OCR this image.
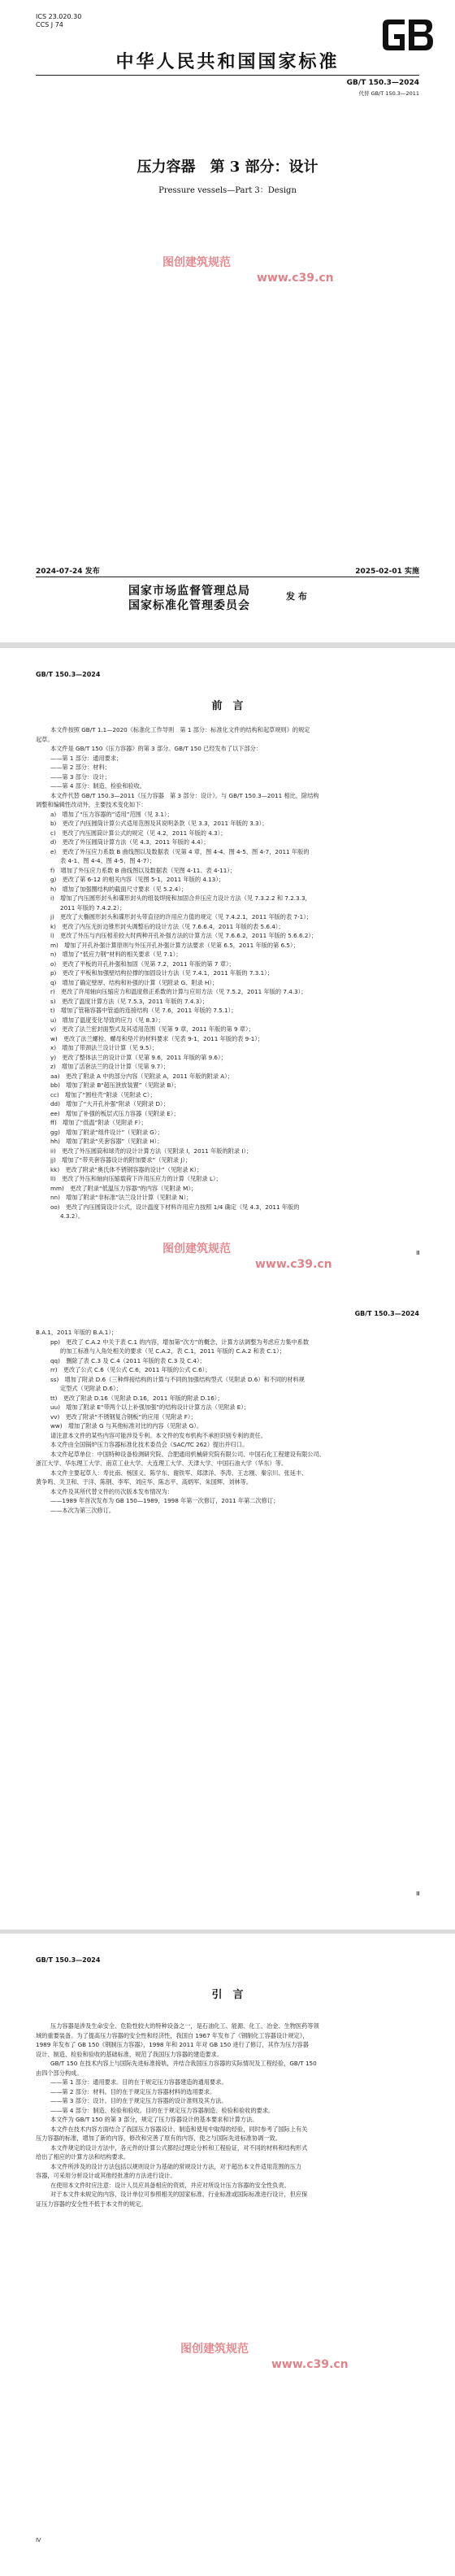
ICS 23.020.30
CCS J 74
中华人民共和国国家标准
GB/T 150.3—2024
代替 GB/T 150.3—2011
压力容器　第 3 部分：设计
Pressure vessels—Part 3：Design
图创建筑规范
www.c39.cn
2024-07-24 发布	2025-02-01 实施
国家市场监督管理总局
国家标准化管理委员会
发 布
GB/T 150.3—2024
前　言
本文件按照 GB/T 1.1—2020《标准化工作导则　第 1 部分：标准化文件的结构和起草规则》的规定
起草。
本文件是 GB/T 150《压力容器》的第 3 部分。GB/T 150 已经发布了以下部分：
——第 1 部分：通用要求；
——第 2 部分：材料；
——第 3 部分：设计；
——第 4 部分：制造、检验和验收。
本文件代替 GB/T 150.3—2011《压力容器　第 3 部分：设计》。与 GB/T 150.3—2011 相比，除结构
调整和编辑性改动外，主要技术变化如下：
a)　增加了“压力容器的”适用”范围（见 3.1）；
b)　更改了内压圆筒计算公式适用范围及其说明条款（见 3.3，2011 年版的 3.3）；
c)　更改了内压圆筒计算公式的规定（见 4.2，2011 年版的 4.3）；
d)　更改了外压圆筒计算方法（见 4.3，2011 年版的 4.4）；
e)　更改了外压应力系数 B 曲线图以及数据表（见第 4 章，图 4-4、图 4-5、图 4-7，2011 年版的
表 4-1、图 4-4、图 4-5、图 4-7）；
f)　增加了外压应力系数 B 曲线图以及数据表（见图 4-11、表 4-11）；
g)　更改了第 6-12 的相关内容（见图 5-1，2011 年版的 4.13）；
h)　增加了加强圈结构的截面尺寸要求（见 5.2.4）；
i)　增加了内压圆形封头和碟形封头的组装焊接和加固合并压应力设计方法（见 7.3.2.2 和 7.2.3.3，
2011 年版的 7.4.2.2）；
j)　更改了大椭圆形封头和碟形封头带直径的许用应力值的规定（见 7.4.2.1，2011 年版的表 7-1）；
k)　更改了内压无折边锥形封头调整后的设计方法（见 7.6.6.4，2011 年版的表 5.6.4）；
l)　更改了外压与内压相差较大时两种开孔补强方法的计算方法（见 7.6.6.2，2011 年版的 5.6.6.2）；
m)　增加了开孔补强计算原则与外压开孔补强计算方法要求（见第 6.5，2011 年版的第 6.5）；
n)　增加了“低应力钢”材料的相关要求（见 7.1）；
o)　更改了平板的开孔补强和加固（见第 7.2，2011 年版的第 7 章）；
p)　更改了平板和加强壁结构拉撑的加固设计方法（见 7.4.1，2011 年版的 7.3.1）；
q)　增加了确定壁厚、结构和补强的计算（见附录 G、附录 H）；
r)　更改了许用轴向压缩应力和温度修正系数的计算与应用方法（见 7.5.2，2011 年版的 7.4.3）；
s)　更改了温度计算方法（见 7.5.3，2011 年版的 7.4.3）；
t)　增加了管箱容器中管道的连接结构（见 7.6，2011 年版的 7.5.1）；
u)　增加了温度变化导致的应力（见 8.3）；
v)　更改了法兰密封面型式及其适用范围（见第 9 章，2011 年版的第 9 章）；
w)　更改了法兰螺栓、螺母和垫片的材料要求（见表 9-1，2011 年版的表 9-1）；
x)　增加了带颈法兰设计计算（见 9.5）；
y)　更改了整体法兰的设计计算（见第 9.6，2011 年版的第 9.6）；
z)　增加了活套法兰的设计计算（见第 9.7）；
aa)　更改了附录 A 中的部分内容（见附录 A，2011 年版的附录 A）；
bb)　增加了附录 B“超压泄放装置”（见附录 B）；
cc)　增加了“圆柱壳”附录（见附录 C）；
dd)　增加了“大开孔补强”附录（见附录 D）；
ee)　增加了补强的板层式压力容器（见附录 E）；
ff)　增加了“低温”附录（见附录 F）；
gg)　增加了附录“组件设计”（见附录 G）；
hh)　增加了附录“夹套容器”（见附录 H）；
ii)　更改了外压圆筒和球壳的设计计算方法（见附录 I，2011 年版的附录 I）；
jj)　增加了“带夹套容器设计的附加要求”（见附录 J）；
kk)　更改了附录“奥氏体不锈钢容器的设计”（见附录 K）；
ll)　更改了外压和轴向压缩载荷下许用压应力的计算（见附录 L）；
mm)　更改了附录“低温压力容器”的内容（见附录 M）；
nn)　增加了附录“非标准”法兰设计计算（见附录 N）；
oo)　更改了内压圆筒设计公式，设计温度下材料许用应力按照 1/4 确定（见 4.3，2011 年版的
4.3.2）。
图创建筑规范
www.c39.cn
Ⅲ
GB/T 150.3—2024
B.A.1，2011 年版的 B.A.1）；
pp)　更改了 C.A.2 中关于表 C.1 的内容，增加第“次方”的概念，计算方法调整为考虑应力集中系数
的加工标准与入角处相关的要求（见 C.A.2，表 C.1，2011 年版的 C.A.2 和表 C.1）；
qq)　删除了表 C.3 及 C.4（2011 年版的表 C.3 及 C.4）；
rr)　更改了公式 C.6（见公式 C.6，2011 年版的公式 C.6）；
ss)　增加了附录 D.6（三种焊接结构的计算与不同的加强结构型式（见附录 D.6）和不同的材料规
定型式（见附录 D.6）；
tt)　更改了附录 D.16（见附录 D.16，2011 年版的附录 D.16）；
uu)　增加了附录 E“带两个以上补强加强”的结构设计计算方法（见附录 E）；
vv)　更改了附录“不锈钢复合钢板”的应用（见附录 F）；
ww)　增加了附录 G 与其他标准对比的内容（见附录 G）。
请注意本文件的某些内容可能涉及专利。本文件的发布机构不承担识别专利的责任。
本文件由全国锅炉压力容器标准化技术委员会（SAC/TC 262）提出并归口。
本文件起草单位：中国特种设备检测研究院、合肥通用机械研究院有限公司、中国石化工程建设有限公司、
浙江大学、华东理工大学、南京工业大学、大连理工大学、天津大学、中国石油大学（华东）等。
本文件主要起草人：寿比南、杨国义、陈学东、谢铁军、郑津洋、李涛、王志刚、秦宗川、张延丰、
黄争鸣、关卫和、于洋、陈钢、李军、刘应华、陈志平、高炳军、朱国辉、刘林等。
本文件及其所代替文件的历次版本发布情况为：
——1989 年首次发布为 GB 150—1989，1998 年第一次修订，2011 年第二次修订；
——本次为第三次修订。
Ⅲ
GB/T 150.3—2024
引　言
压力容器是涉及生命安全、危险性较大的特种设备之一，是石油化工、能源、化工、冶金、生物医药等领
域的重要装备。为了提高压力容器的安全性和经济性，我国自 1967 年发布了《钢制化工容器设计规定》，
1989 年发布了 GB 150《钢制压力容器》，1998 年和 2011 年对 GB 150 进行了修订，其作为压力容器
设计、制造、检验和验收的基础标准，规范了我国压力容器的建造要求。
GB/T 150 在技术内容上与国际先进标准接轨，并结合我国压力容器的实际情况及工程经验，GB/T 150
由四个部分构成。
——第 1 部分：通用要求。目的在于规定压力容器建造的通用要求。
——第 2 部分：材料。目的在于规定压力容器材料的选用要求。
——第 3 部分：设计。目的在于规定压力容器的设计准则及其方法。
——第 4 部分：制造、检验和验收。目的在于规定压力容器制造、检验和验收的要求。
本文件为 GB/T 150 的第 3 部分，规定了压力容器设计的基本要求和计算方法。
本文件在技术内容方面结合了我国压力容器设计、制造和使用中取得的经验，同时参考了国际上有关
压力容器的标准，增加了新的内容，修改和完善了原有的内容，使之与国际先进标准协调一致。
本文件规定的设计方法中，各元件的计算公式都经过理论分析和工程验证，对不同的材料和结构形式
给出了相应的计算方法和结构要求。
本文件所涉及的设计方法包括以规则设计为基础的常规设计方法，对于超出本文件适用范围的压力
容器，可采用分析设计或其他经批准的方法进行设计。
在使用本文件时应注意：设计人员应具备相应的资质，并应对所设计压力容器的安全性负责。
对于本文件未规定的内容，设计单位可参照相关的国家标准、行业标准或国际标准进行设计，但应保
证压力容器的安全性不低于本文件的规定。
图创建筑规范
www.c39.cn
Ⅳ
